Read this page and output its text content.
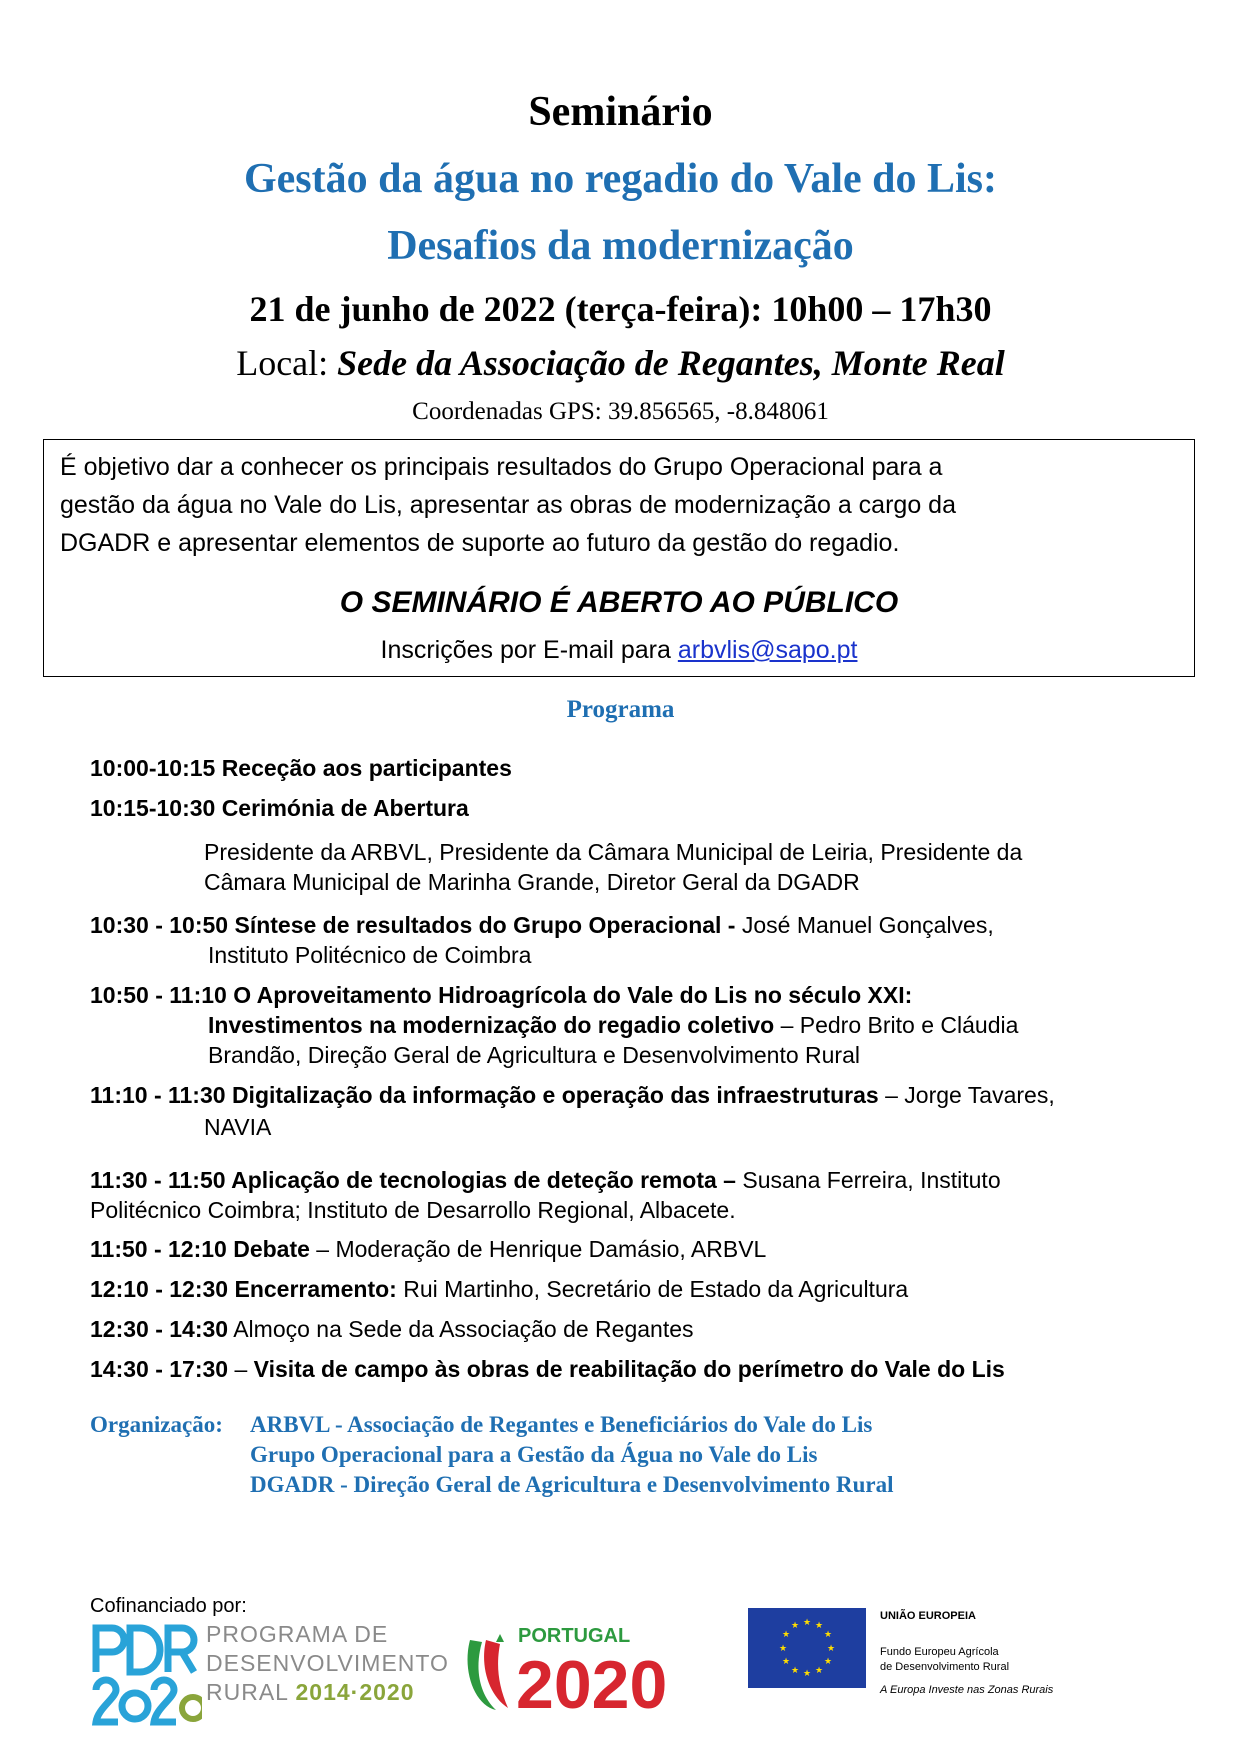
Seminário
Gestão da água no regadio do Vale do Lis:
Desafios da modernização
21 de junho de 2022 (terça-feira): 10h00 – 17h30
Local: Sede da Associação de Regantes, Monte Real
Coordenadas GPS: 39.856565, -8.848061
É objetivo dar a conhecer os principais resultados do Grupo Operacional para a
gestão da água no Vale do Lis, apresentar as obras de modernização a cargo da
DGADR e apresentar elementos de suporte ao futuro da gestão do regadio.
O SEMINÁRIO É ABERTO AO PÚBLICO
Inscrições por E-mail para arbvlis@sapo.pt
Programa
10:00-10:15 Receção aos participantes
10:15-10:30 Cerimónia de Abertura
Presidente da ARBVL, Presidente da Câmara Municipal de Leiria, Presidente da
Câmara Municipal de Marinha Grande, Diretor Geral da DGADR
10:30 - 10:50 Síntese de resultados do Grupo Operacional - José Manuel Gonçalves,
Instituto Politécnico de Coimbra
10:50 - 11:10 O Aproveitamento Hidroagrícola do Vale do Lis no século XXI:
Investimentos na modernização do regadio coletivo – Pedro Brito e Cláudia
Brandão, Direção Geral de Agricultura e Desenvolvimento Rural
11:10 - 11:30 Digitalização da informação e operação das infraestruturas – Jorge Tavares,
NAVIA
11:30 - 11:50 Aplicação de tecnologias de deteção remota – Susana Ferreira, Instituto
Politécnico Coimbra; Instituto de Desarrollo Regional, Albacete.
11:50 - 12:10 Debate – Moderação de Henrique Damásio, ARBVL
12:10 - 12:30 Encerramento: Rui Martinho, Secretário de Estado da Agricultura
12:30 - 14:30 Almoço na Sede da Associação de Regantes
14:30 - 17:30 – Visita de campo às obras de reabilitação do perímetro do Vale do Lis
Organização: ARBVL - Associação de Regantes e Beneficiários do Vale do Lis
Grupo Operacional para a Gestão da Água no Vale do Lis
DGADR - Direção Geral de Agricultura e Desenvolvimento Rural
Cofinanciado por:
PROGRAMA DE
DESENVOLVIMENTO
RURAL 2014·2020
PORTUGAL
2020
★ ★
★
★
★
★
★
★
★
★
★
★
UNIÃO EUROPEIA
Fundo Europeu Agrícola
de Desenvolvimento Rural
A Europa Investe nas Zonas Rurais
